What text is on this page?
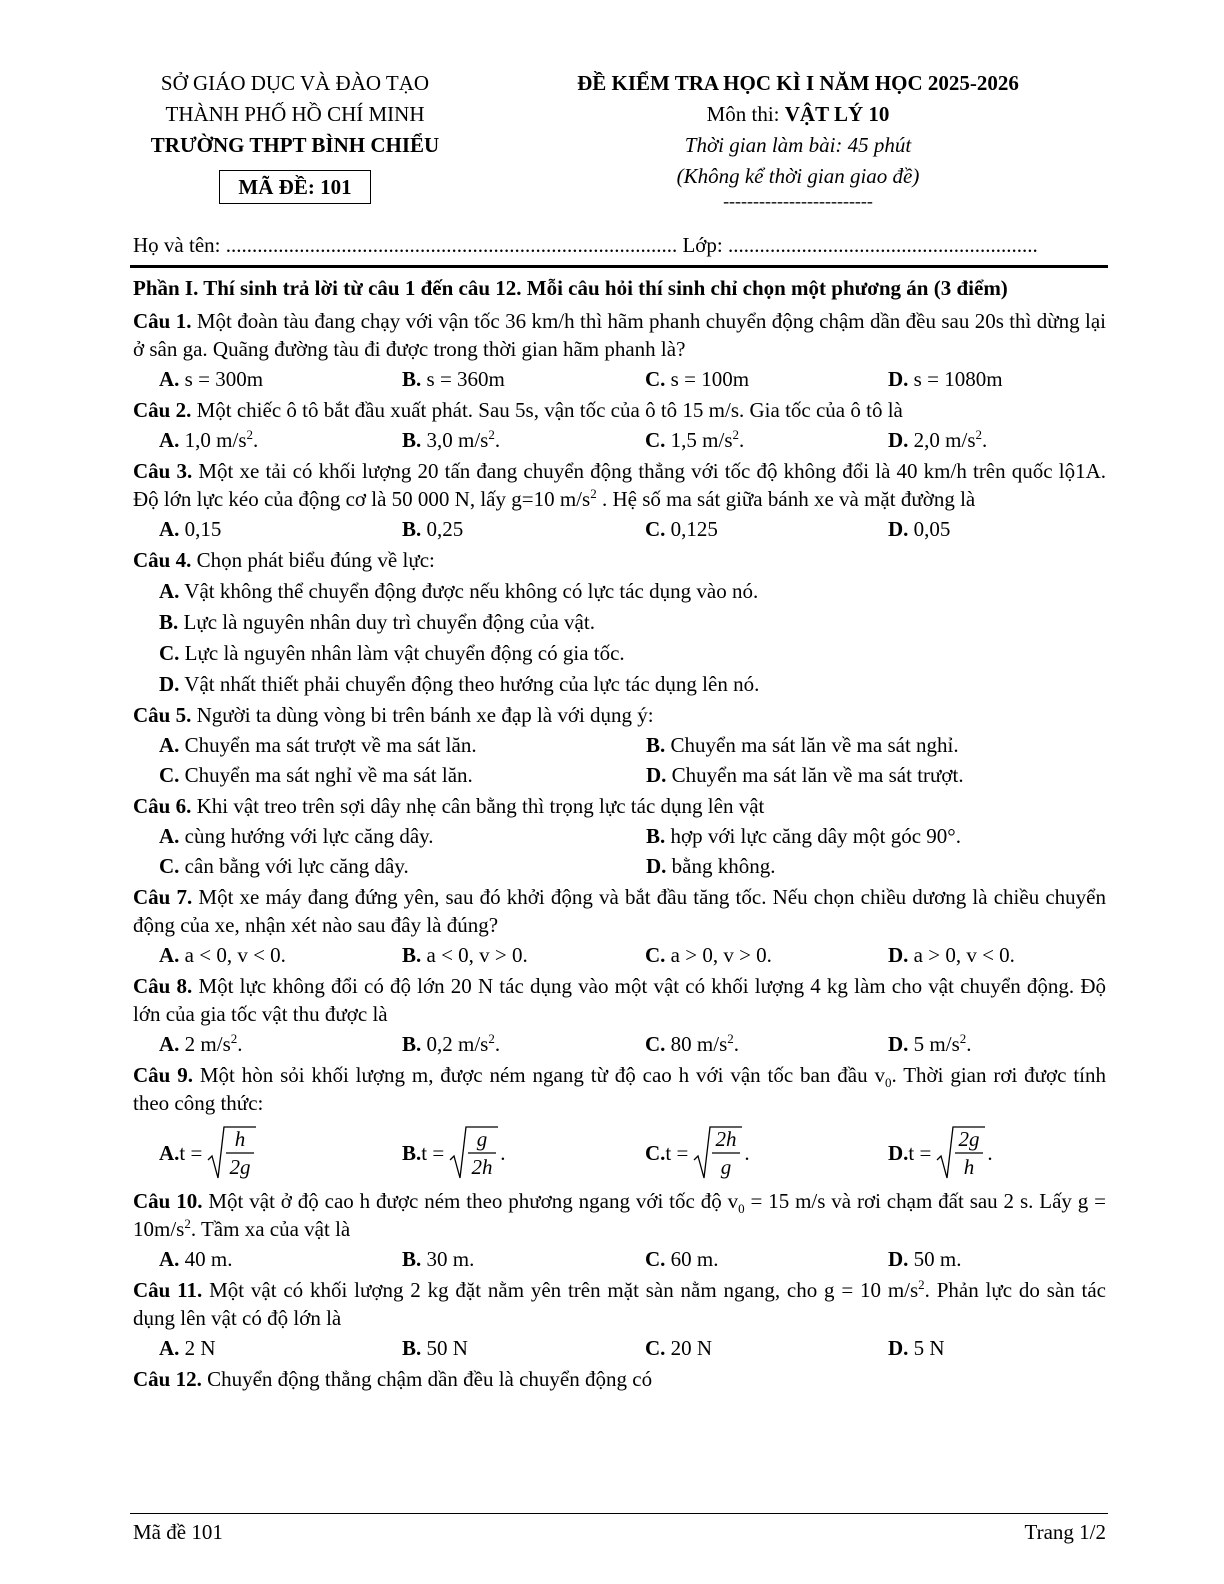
SỞ GIÁO DỤC VÀ ĐÀO TẠO
THÀNH PHỐ HỒ CHÍ MINH
TRƯỜNG THPT BÌNH CHIỂU
MÃ ĐỀ: 101
ĐỀ KIỂM TRA HỌC KÌ I NĂM HỌC 2025-2026
Môn thi: VẬT LÝ 10
Thời gian làm bài: 45 phút
(Không kể thời gian giao đề)
-------------------------
Họ và tên: ...................................................................................... Lớp: ...........................................................

Phần I. Thí sinh trả lời từ câu 1 đến câu 12. Mỗi câu hỏi thí sinh chỉ chọn một phương án (3 điểm)

Câu 1. Một đoàn tàu đang chạy với vận tốc 36 km/h thì hãm phanh chuyển động chậm dần đều sau 20s thì dừng lại ở sân ga. Quãng đường tàu đi được trong thời gian hãm phanh là?

A. s = 300m	B. s = 360m	C. s = 100m	D. s = 1080m

Câu 2. Một chiếc ô tô bắt đầu xuất phát. Sau 5s, vận tốc của ô tô 15 m/s. Gia tốc của ô tô là

A. 1,0 $m/s^2$.	B. 3,0 $m/s^2$.	C. 1,5 $m/s^2$.	D. 2,0 $m/s^2$.

Câu 3. Một xe tải có khối lượng 20 tấn đang chuyển động thẳng với tốc độ không đổi là 40 km/h trên quốc lộ1A. Độ lớn lực kéo của động cơ là 50 000 N, lấy g=10 $m/s^2$ . Hệ số ma sát giữa bánh xe và mặt đường là

A. 0,15	B. 0,25	C. 0,125	D. 0,05

Câu 4. Chọn phát biểu đúng về lực:

A. Vật không thể chuyển động được nếu không có lực tác dụng vào nó.
B. Lực là nguyên nhân duy trì chuyển động của vật.
C. Lực là nguyên nhân làm vật chuyển động có gia tốc.
D. Vật nhất thiết phải chuyển động theo hướng của lực tác dụng lên nó.

Câu 5. Người ta dùng vòng bi trên bánh xe đạp là với dụng ý:

A. Chuyển ma sát trượt về ma sát lăn.	B. Chuyển ma sát lăn về ma sát nghỉ.
C. Chuyển ma sát nghỉ về ma sát lăn.	D. Chuyển ma sát lăn về ma sát trượt.

Câu 6. Khi vật treo trên sợi dây nhẹ cân bằng thì trọng lực tác dụng lên vật

A. cùng hướng với lực căng dây.	B. hợp với lực căng dây một góc 90°.
C. cân bằng với lực căng dây.	D. bằng không.

Câu 7. Một xe máy đang đứng yên, sau đó khởi động và bắt đầu tăng tốc. Nếu chọn chiều dương là chiều chuyển động của xe, nhận xét nào sau đây là đúng?

A. a < 0, v < 0.	B. a < 0, v > 0.	C. a > 0, v > 0.	D. a > 0, v < 0.

Câu 8. Một lực không đổi có độ lớn 20 N tác dụng vào một vật có khối lượng 4 kg làm cho vật chuyển động. Độ lớn của gia tốc vật thu được là

A. 2 $m/s^2$.	B. 0,2 $m/s^2$.	C. 80 $m/s^2$.	D. 5 $m/s^2$.

Câu 9. Một hòn sỏi khối lượng m, được ném ngang từ độ cao h với vận tốc ban đầu $v_0$. Thời gian rơi được tính theo công thức:

A. t =
h
2g
B. t =
g
2h
.	C. t =
2h
g
.	D. t =
2g
h
.

Câu 10. Một vật ở độ cao h được ném theo phương ngang với tốc độ $v_0 = 15$ m/s và rơi chạm đất sau 2 s. Lấy $g = 10m/s^2$. Tầm xa của vật là

A. 40 m.	B. 30 m.	C. 60 m.	D. 50 m.

Câu 11. Một vật có khối lượng 2 kg đặt nằm yên trên mặt sàn nằm ngang, cho g = 10 $m/s^2$. Phản lực do sàn tác dụng lên vật có độ lớn là

A. 2 N	B. 50 N	C. 20 N	D. 5 N

Câu 12. Chuyển động thẳng chậm dần đều là chuyển động có

Mã đề 101	Trang 1/2
